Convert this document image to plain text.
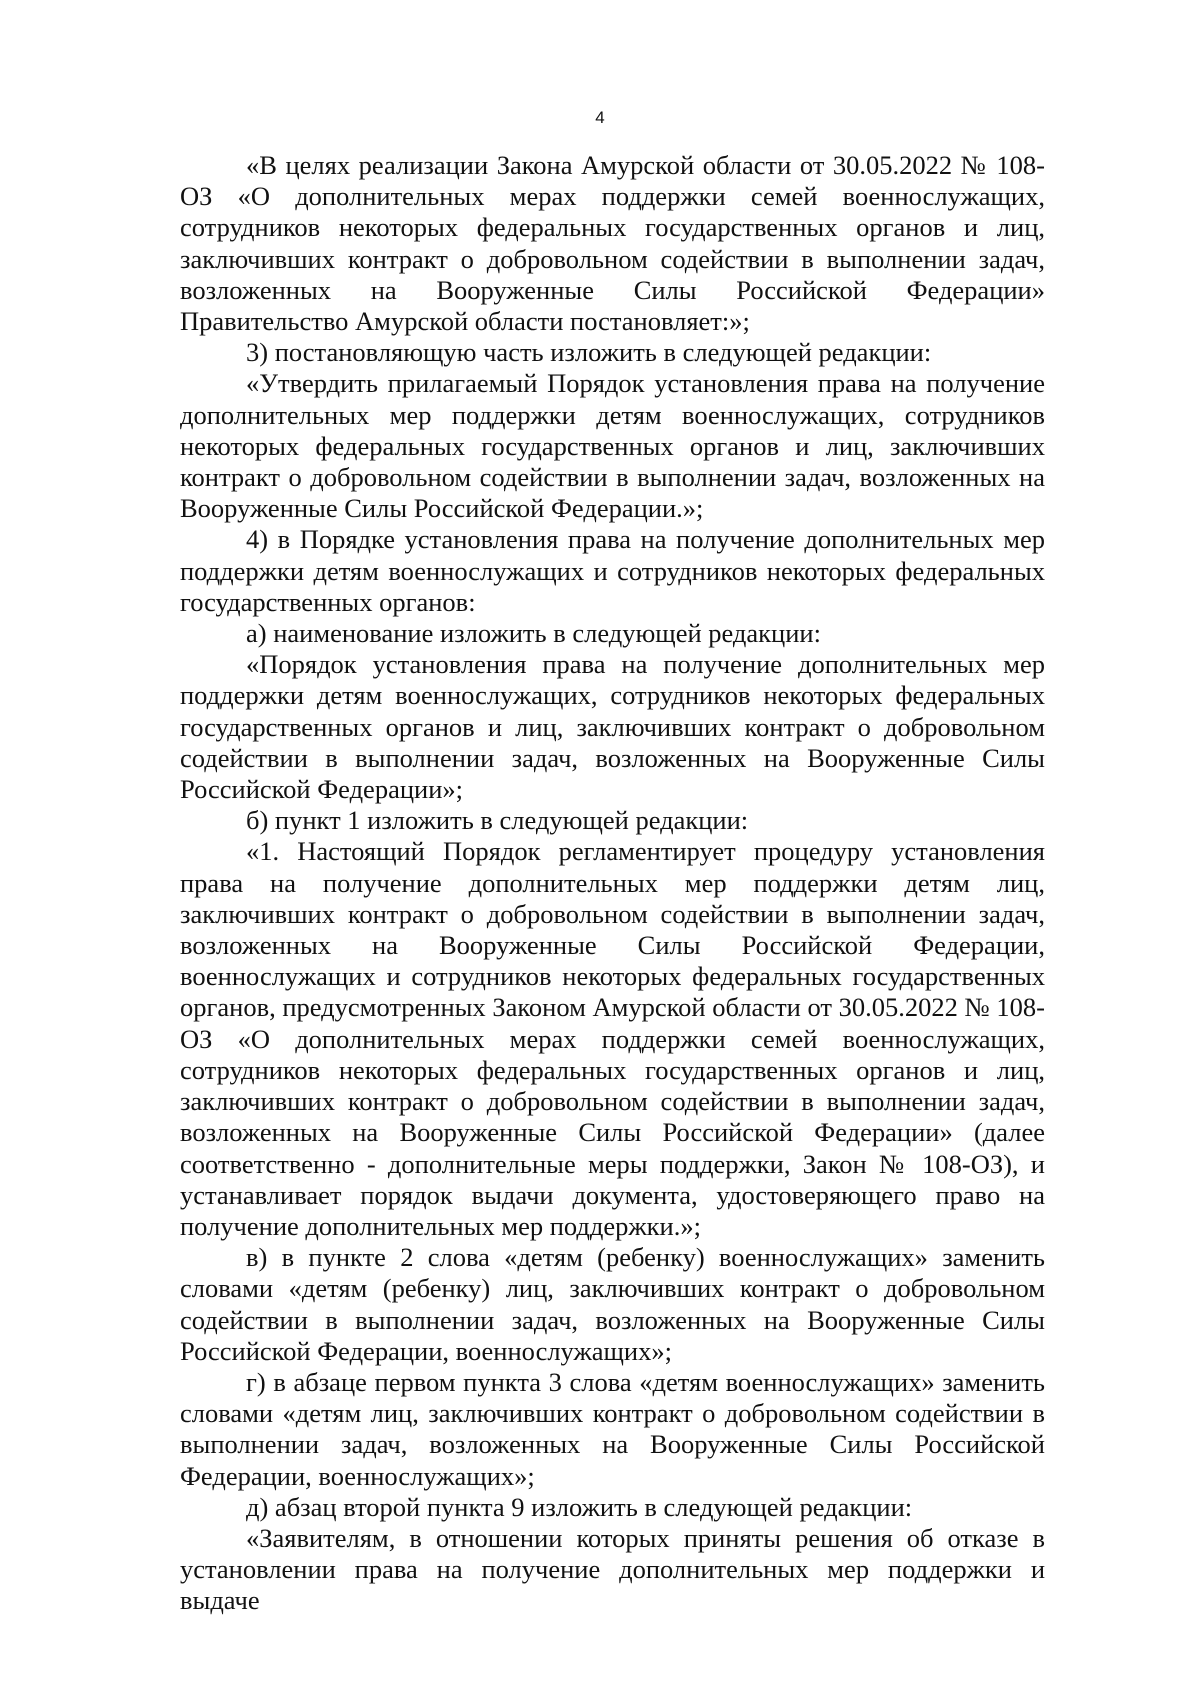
4

«В целях реализации Закона Амурской области от 30.05.2022 № 108-ОЗ «О дополнительных мерах поддержки семей военнослужащих, сотрудников некоторых федеральных государственных органов и лиц, заключивших контракт о добровольном содействии в выполнении задач, возложенных на Вооруженные Силы Российской Федерации» Правительство Амурской области постановляет:»;

3) постановляющую часть изложить в следующей редакции:

«Утвердить прилагаемый Порядок установления права на получение дополнительных мер поддержки детям военнослужащих, сотрудников некоторых федеральных государственных органов и лиц, заключивших контракт о добровольном содействии в выполнении задач, возложенных на Вооруженные Силы Российской Федерации.»;

4) в Порядке установления права на получение дополнительных мер поддержки детям военнослужащих и сотрудников некоторых федеральных государственных органов:

а) наименование изложить в следующей редакции:

«Порядок установления права на получение дополнительных мер поддержки детям военнослужащих, сотрудников некоторых федеральных государственных органов и лиц, заключивших контракт о добровольном содействии в выполнении задач, возложенных на Вооруженные Силы Российской Федерации»;

б) пункт 1 изложить в следующей редакции:

«1. Настоящий Порядок регламентирует процедуру установления права на получение дополнительных мер поддержки детям лиц, заключивших контракт о добровольном содействии в выполнении задач, возложенных на Вооруженные Силы Российской Федерации, военнослужащих и сотрудников некоторых федеральных государственных органов, предусмотренных Законом Амурской области от 30.05.2022 № 108-ОЗ «О дополнительных мерах поддержки семей военнослужащих, сотрудников некоторых федеральных государственных органов и лиц, заключивших контракт о добровольном содействии в выполнении задач, возложенных на Вооруженные Силы Российской Федерации» (далее соответственно - дополнительные меры поддержки, Закон № 108-ОЗ), и устанавливает порядок выдачи документа, удостоверяющего право на получение дополнительных мер поддержки.»;

в) в пункте 2 слова «детям (ребенку) военнослужащих» заменить словами «детям (ребенку) лиц, заключивших контракт о добровольном содействии в выполнении задач, возложенных на Вооруженные Силы Российской Федерации, военнослужащих»;

г) в абзаце первом пункта 3 слова «детям военнослужащих» заменить словами «детям лиц, заключивших контракт о добровольном содействии в выполнении задач, возложенных на Вооруженные Силы Российской Федерации, военнослужащих»;

д) абзац второй пункта 9 изложить в следующей редакции:

«Заявителям, в отношении которых приняты решения об отказе в установлении права на получение дополнительных мер поддержки и выдаче
